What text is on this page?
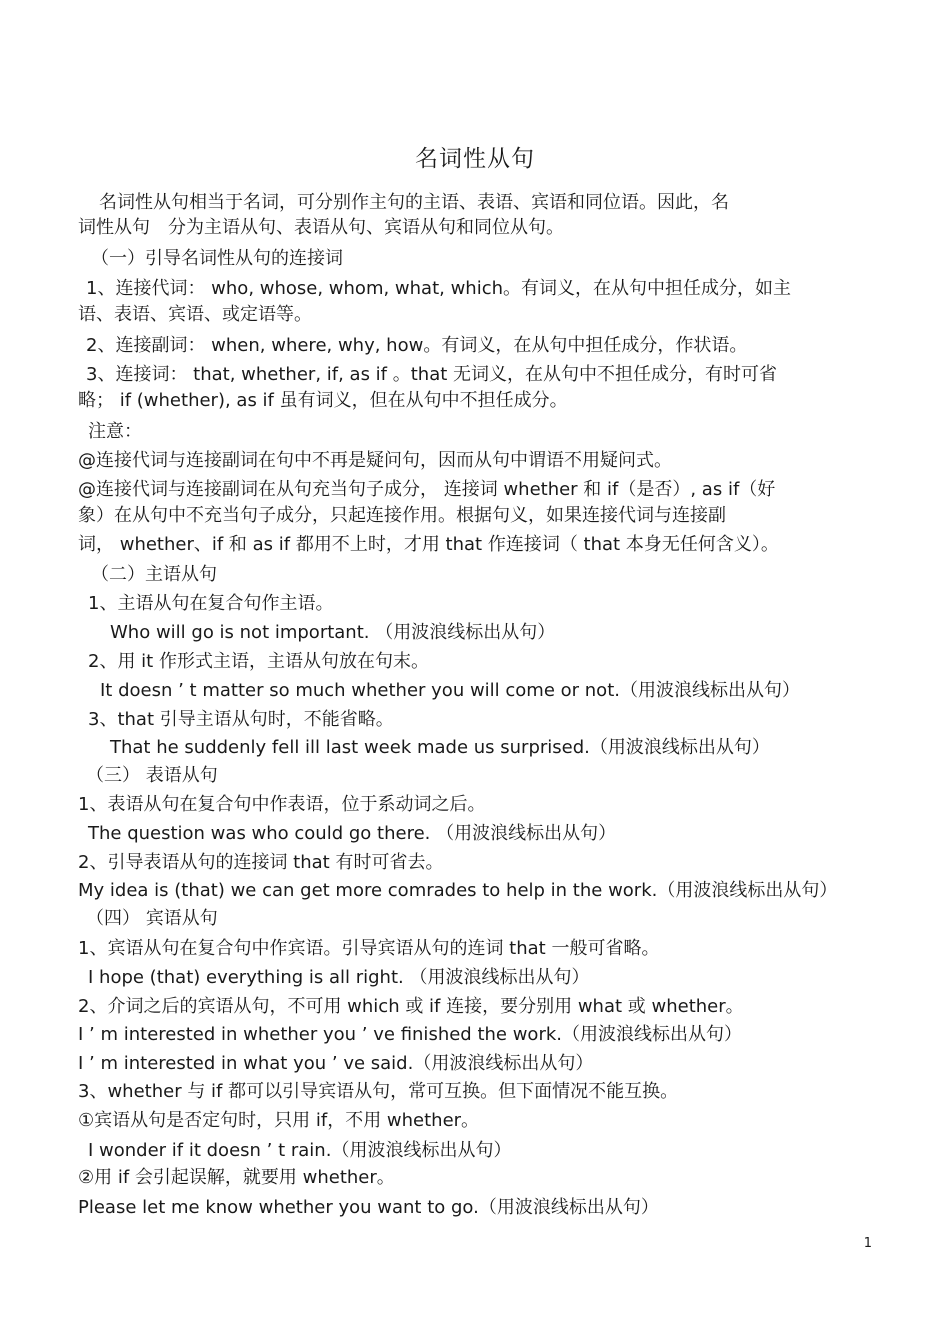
名词性从句
名词性从句相当于名词，可分别作主句的主语、表语、宾语和同位语。因此，名
词性从句　分为主语从句、表语从句、宾语从句和同位从句。
（一）引导名词性从句的连接词
1、连接代词： who, whose, whom, what, which。有词义，在从句中担任成分，如主
语、表语、宾语、或定语等。
2、连接副词： when, where, why, how。有词义，在从句中担任成分，作状语。
3、连接词： that, whether, if, as if 。that 无词义，在从句中不担任成分，有时可省
略； if (whether), as if 虽有词义，但在从句中不担任成分。
注意：
@连接代词与连接副词在句中不再是疑问句，因而从句中谓语不用疑问式。
@连接代词与连接副词在从句充当句子成分， 连接词 whether 和 if（是否）, as if（好
象）在从句中不充当句子成分，只起连接作用。根据句义，如果连接代词与连接副
词， whether、if 和 as if 都用不上时，才用 that 作连接词（ that 本身无任何含义）。
（二）主语从句
1、主语从句在复合句作主语。
Who will go is not important. （用波浪线标出从句）
2、用 it 作形式主语，主语从句放在句末。
It doesn ’ t matter so much whether you will come or not.（用波浪线标出从句）
3、that 引导主语从句时，不能省略。
That he suddenly fell ill last week made us surprised.（用波浪线标出从句）
（三） 表语从句
1、表语从句在复合句中作表语，位于系动词之后。
The question was who could go there. （用波浪线标出从句）
2、引导表语从句的连接词 that 有时可省去。
My idea is (that) we can get more comrades to help in the work.（用波浪线标出从句）
（四） 宾语从句
1、宾语从句在复合句中作宾语。引导宾语从句的连词 that 一般可省略。
I hope (that) everything is all right. （用波浪线标出从句）
2、介词之后的宾语从句，不可用 which 或 if 连接，要分别用 what 或 whether。
I ’ m interested in whether you ’ ve finished the work.（用波浪线标出从句）
I ’ m interested in what you ’ ve said.（用波浪线标出从句）
3、whether 与 if 都可以引导宾语从句，常可互换。但下面情况不能互换。
①宾语从句是否定句时，只用 if，不用 whether。
I wonder if it doesn ’ t rain.（用波浪线标出从句）
②用 if 会引起误解，就要用 whether。
Please let me know whether you want to go.（用波浪线标出从句）
1
